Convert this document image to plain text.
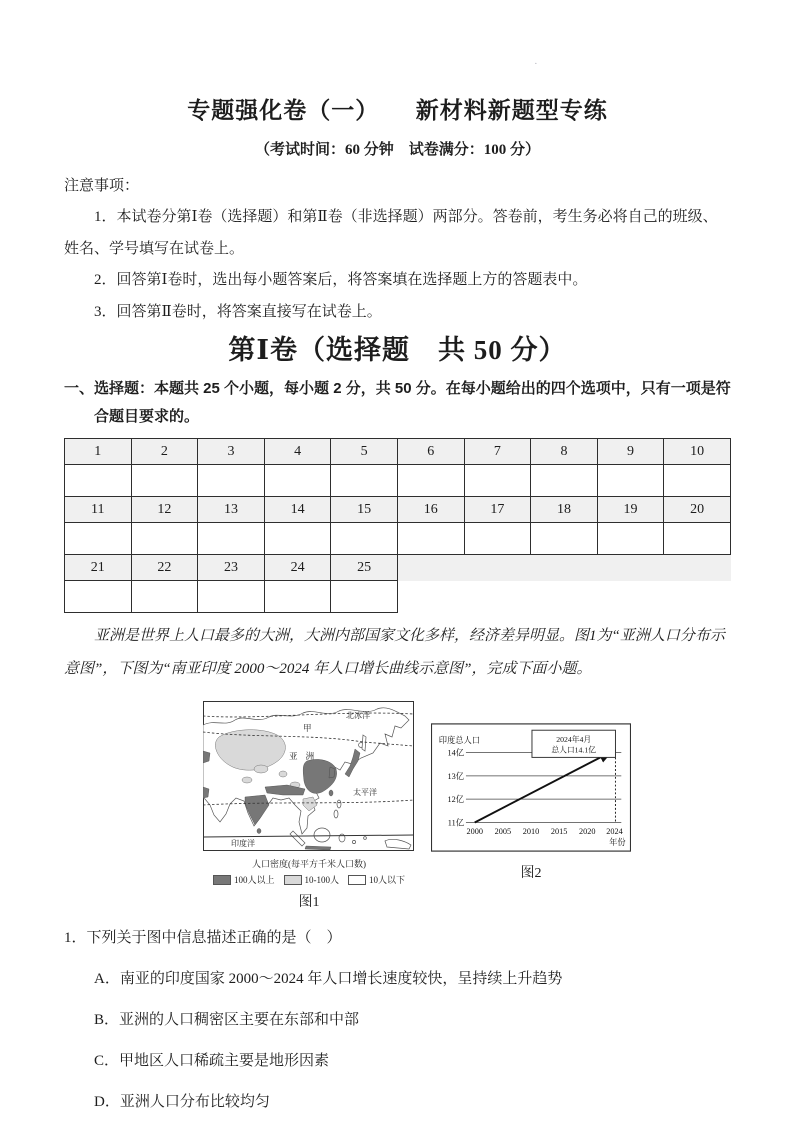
·
专题强化卷（一）　　新材料新题型专练
（考试时间：60 分钟　试卷满分：100 分）
注意事项：

1．本试卷分第Ⅰ卷（选择题）和第Ⅱ卷（非选择题）两部分。答卷前，考生务必将自己的班级、姓名、学号填写在试卷上。

2．回答第Ⅰ卷时，选出每小题答案后，将答案填在选择题上方的答题表中。

3．回答第Ⅱ卷时，将答案直接写在试卷上。

第Ⅰ卷（选择题　共 50 分）
一、选择题：本题共 25 个小题，每小题 2 分，共 50 分。在每小题给出的四个选项中，只有一项是符合题目要求的。
1	2	3	4	5	6	7	8	9	10

11	12	13	14	15	16	17	18	19	20

21	22	23	24	25					

亚洲是世界上人口最多的大洲，大洲内部国家文化多样，经济差异明显。图1为“亚洲人口分布示意图”，下图为“南亚印度 2000～2024 年人口增长曲线示意图”，完成下面小题。

北冰洋
甲
亚 洲
太平洋
印度洋
人口密度(每平方千米人口数)
100人以上	10-100人	10人以下
图1
印度总人口
14亿
13亿
12亿
11亿
2000 2005 2010 2015 2020 2024
年份
2024年4月
总人口14.1亿
图2
1．下列关于图中信息描述正确的是（　）
A．南亚的印度国家 2000～2024 年人口增长速度较快，呈持续上升趋势
B．亚洲的人口稠密区主要在东部和中部
C．甲地区人口稀疏主要是地形因素
D．亚洲人口分布比较均匀
